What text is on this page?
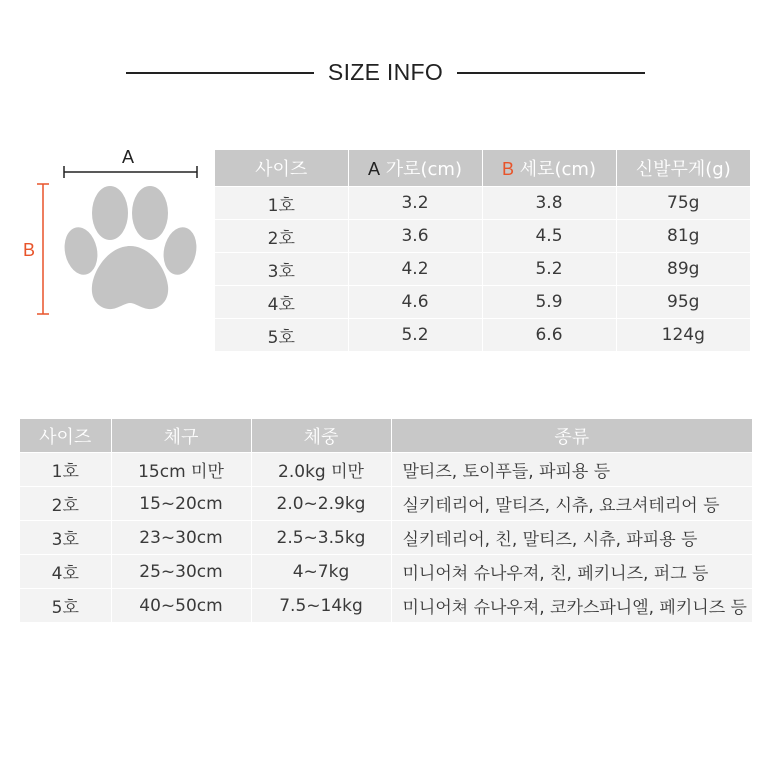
SIZE INFO
A
B
사이즈	A 가로(cm)	B 세로(cm)	신발무게(g)
1호	3.2	3.8	75g
2호	3.6	4.5	81g
3호	4.2	5.2	89g
4호	4.6	5.9	95g
5호	5.2	6.6	124g
사이즈	체구	체중	종류
1호	15cm 미만	2.0kg 미만	말티즈, 토이푸들, 파피용 등
2호	15~20cm	2.0~2.9kg	실키테리어, 말티즈, 시츄, 요크셔테리어 등
3호	23~30cm	2.5~3.5kg	실키테리어, 친, 말티즈, 시츄, 파피용 등
4호	25~30cm	4~7kg	미니어쳐 슈나우져, 친, 페키니즈, 퍼그 등
5호	40~50cm	7.5~14kg	미니어쳐 슈나우져, 코카스파니엘, 페키니즈 등
